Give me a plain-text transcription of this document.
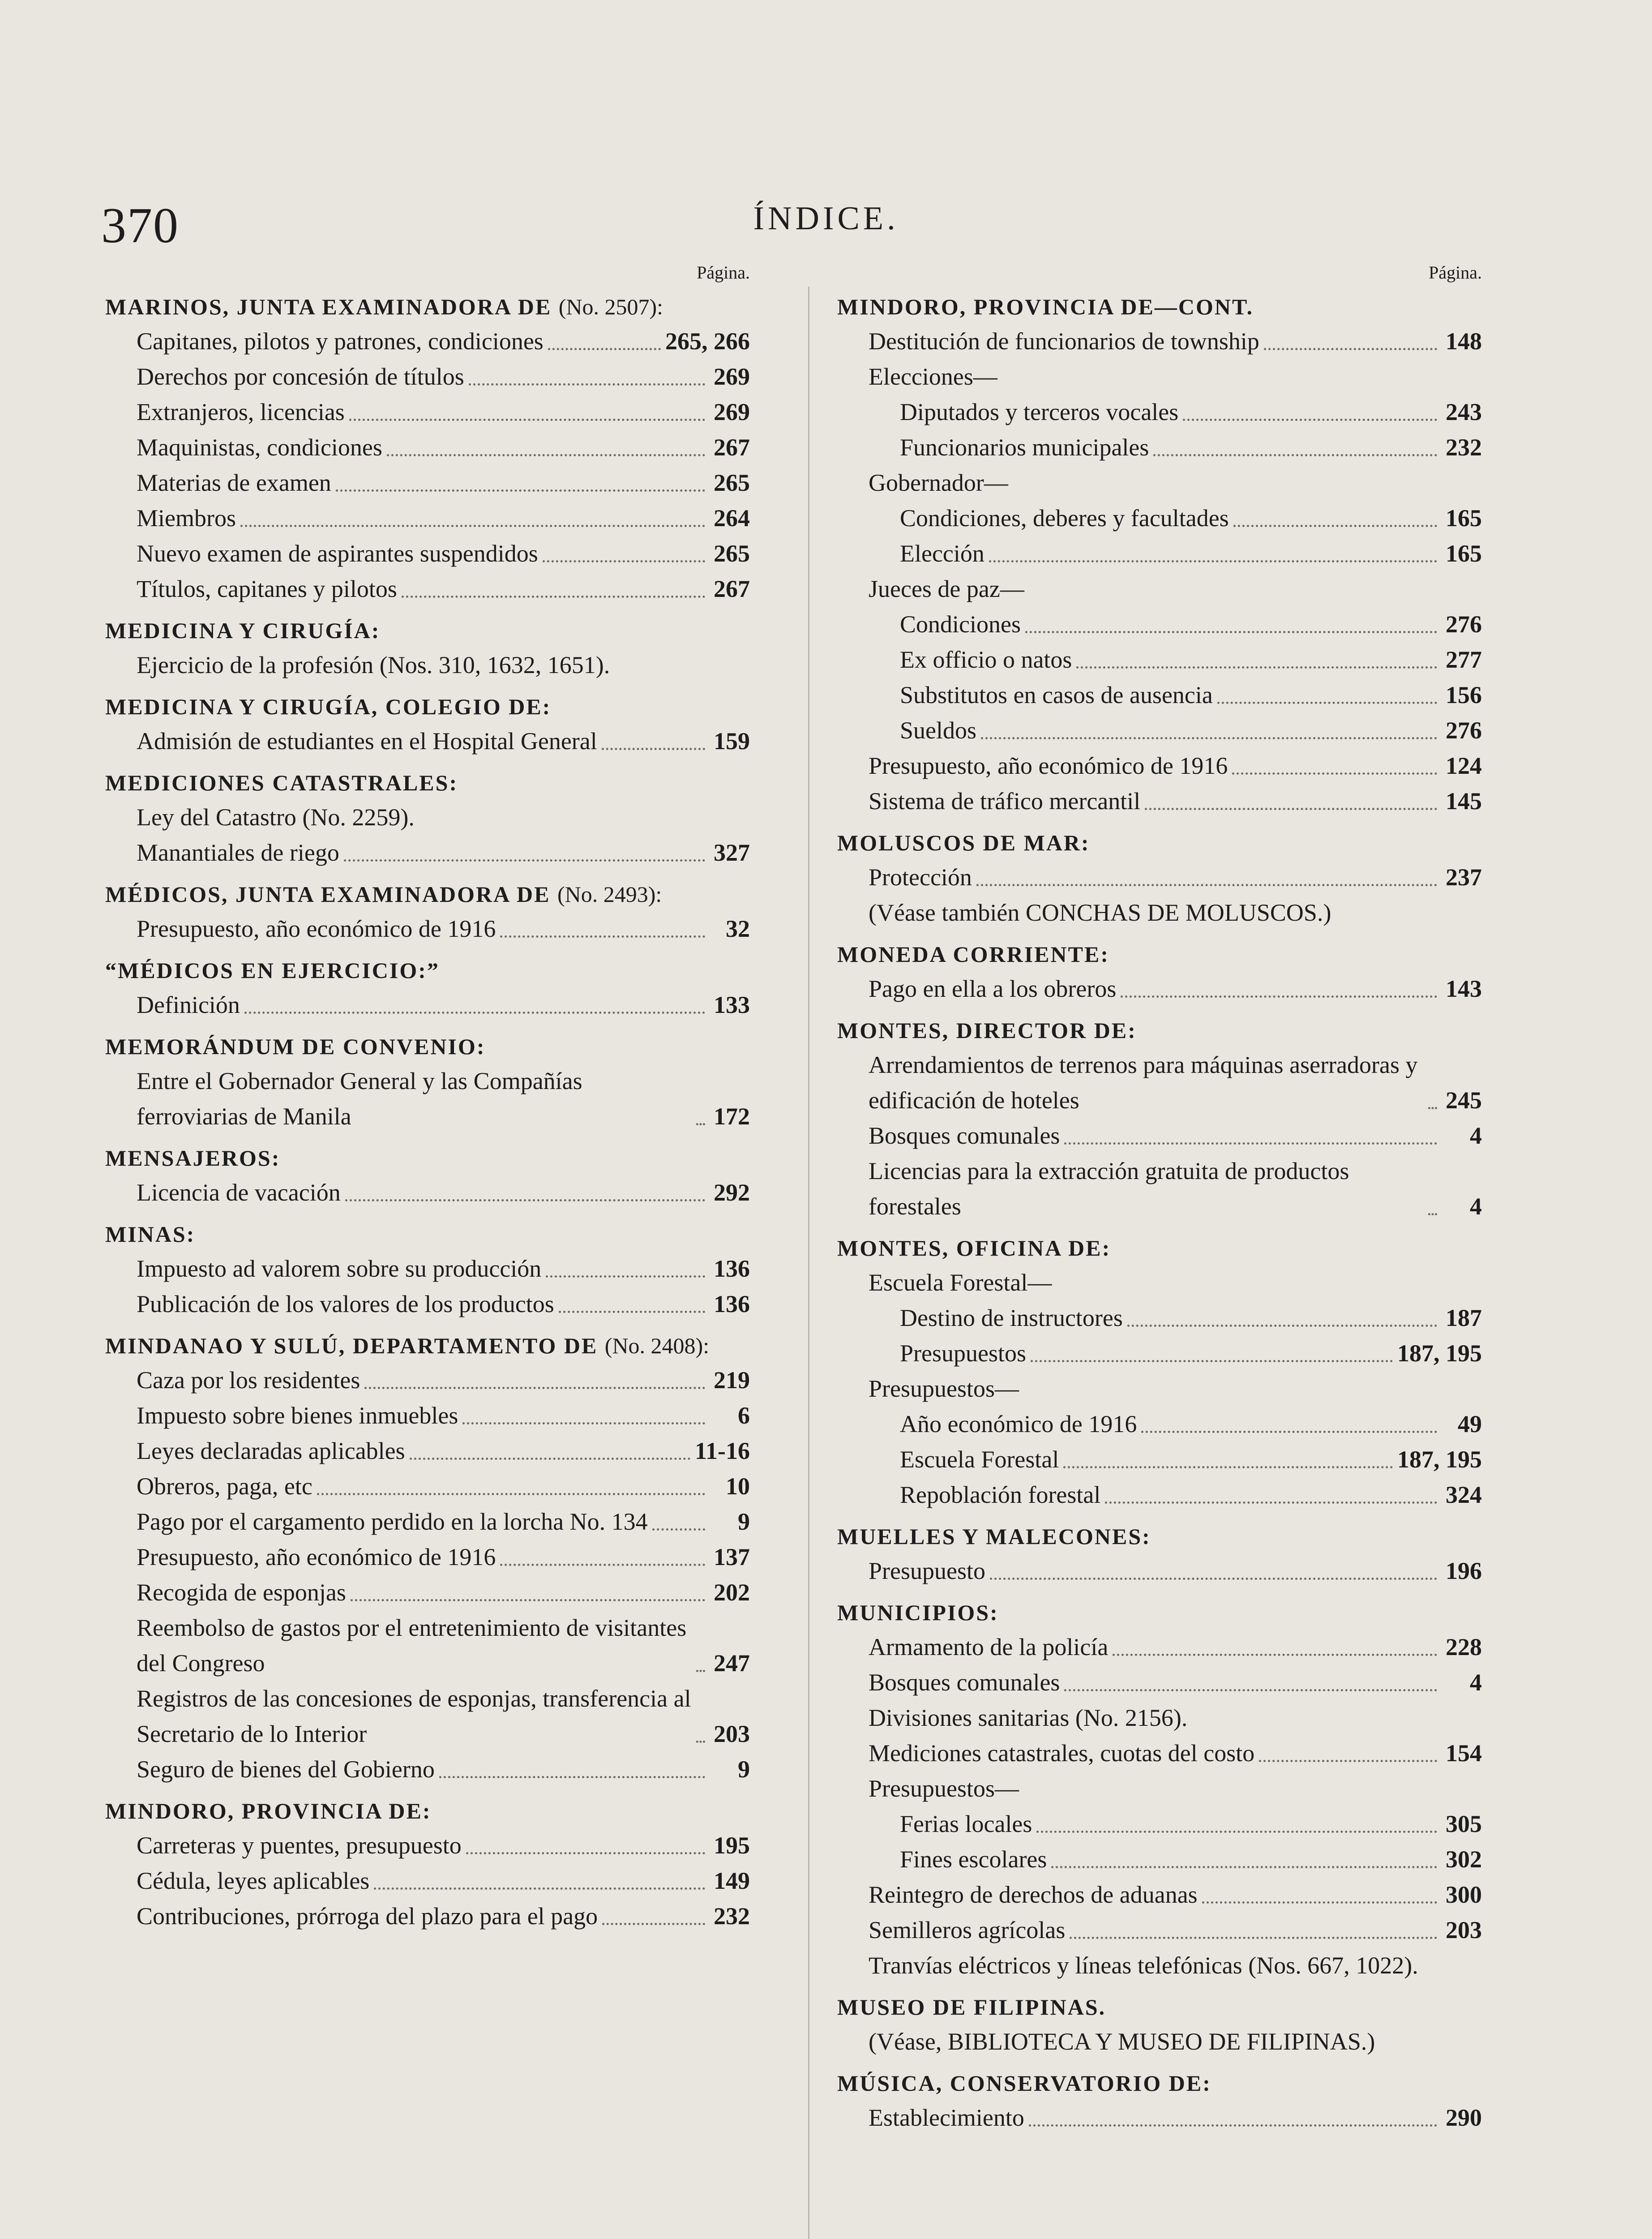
370	ÍNDICE.
Página.
MARINOS, JUNTA EXAMINADORA DE (No. 2507):
Capitanes, pilotos y patrones, condiciones	265, 266
Derechos por concesión de títulos	269
Extranjeros, licencias	269
Maquinistas, condiciones	267
Materias de examen	265
Miembros	264
Nuevo examen de aspirantes suspendidos	265
Títulos, capitanes y pilotos	267
MEDICINA Y CIRUGÍA:
Ejercicio de la profesión (Nos. 310, 1632, 1651).
MEDICINA Y CIRUGÍA, COLEGIO DE:
Admisión de estudiantes en el Hospital General	159
MEDICIONES CATASTRALES:
Ley del Catastro (No. 2259).
Manantiales de riego	327
MÉDICOS, JUNTA EXAMINADORA DE (No. 2493):
Presupuesto, año económico de 1916	32
“MÉDICOS EN EJERCICIO:”
Definición	133
MEMORÁNDUM DE CONVENIO:
Entre el Gobernador General y las Compañías ferroviarias de Manila	172
MENSAJEROS:
Licencia de vacación	292
MINAS:
Impuesto ad valorem sobre su producción	136
Publicación de los valores de los productos	136
MINDANAO Y SULÚ, DEPARTAMENTO DE (No. 2408):
Caza por los residentes	219
Impuesto sobre bienes inmuebles	6
Leyes declaradas aplicables	11-16
Obreros, paga, etc	10
Pago por el cargamento perdido en la lorcha No. 134	9
Presupuesto, año económico de 1916	137
Recogida de esponjas	202
Reembolso de gastos por el entretenimiento de visitantes del Congreso	247
Registros de las concesiones de esponjas, transferencia al Secretario de lo Interior	203
Seguro de bienes del Gobierno	9
MINDORO, PROVINCIA DE:
Carreteras y puentes, presupuesto	195
Cédula, leyes aplicables	149
Contribuciones, prórroga del plazo para el pago	232
Página.
MINDORO, PROVINCIA DE—CONT.
Destitución de funcionarios de township	148
Elecciones—
Diputados y terceros vocales	243
Funcionarios municipales	232
Gobernador—
Condiciones, deberes y facultades	165
Elección	165
Jueces de paz—
Condiciones	276
Ex officio o natos	277
Substitutos en casos de ausencia	156
Sueldos	276
Presupuesto, año económico de 1916	124
Sistema de tráfico mercantil	145
MOLUSCOS DE MAR:
Protección	237
(Véase también CONCHAS DE MOLUSCOS.)
MONEDA CORRIENTE:
Pago en ella a los obreros	143
MONTES, DIRECTOR DE:
Arrendamientos de terrenos para máquinas aserradoras y edificación de hoteles	245
Bosques comunales	4
Licencias para la extracción gratuita de productos forestales	4
MONTES, OFICINA DE:
Escuela Forestal—
Destino de instructores	187
Presupuestos	187, 195
Presupuestos—
Año económico de 1916	49
Escuela Forestal	187, 195
Repoblación forestal	324
MUELLES Y MALECONES:
Presupuesto	196
MUNICIPIOS:
Armamento de la policía	228
Bosques comunales	4
Divisiones sanitarias (No. 2156).
Mediciones catastrales, cuotas del costo	154
Presupuestos—
Ferias locales	305
Fines escolares	302
Reintegro de derechos de aduanas	300
Semilleros agrícolas	203
Tranvías eléctricos y líneas telefónicas (Nos. 667, 1022).
MUSEO DE FILIPINAS.
(Véase, BIBLIOTECA Y MUSEO DE FILIPINAS.)
MÚSICA, CONSERVATORIO DE:
Establecimiento	290
